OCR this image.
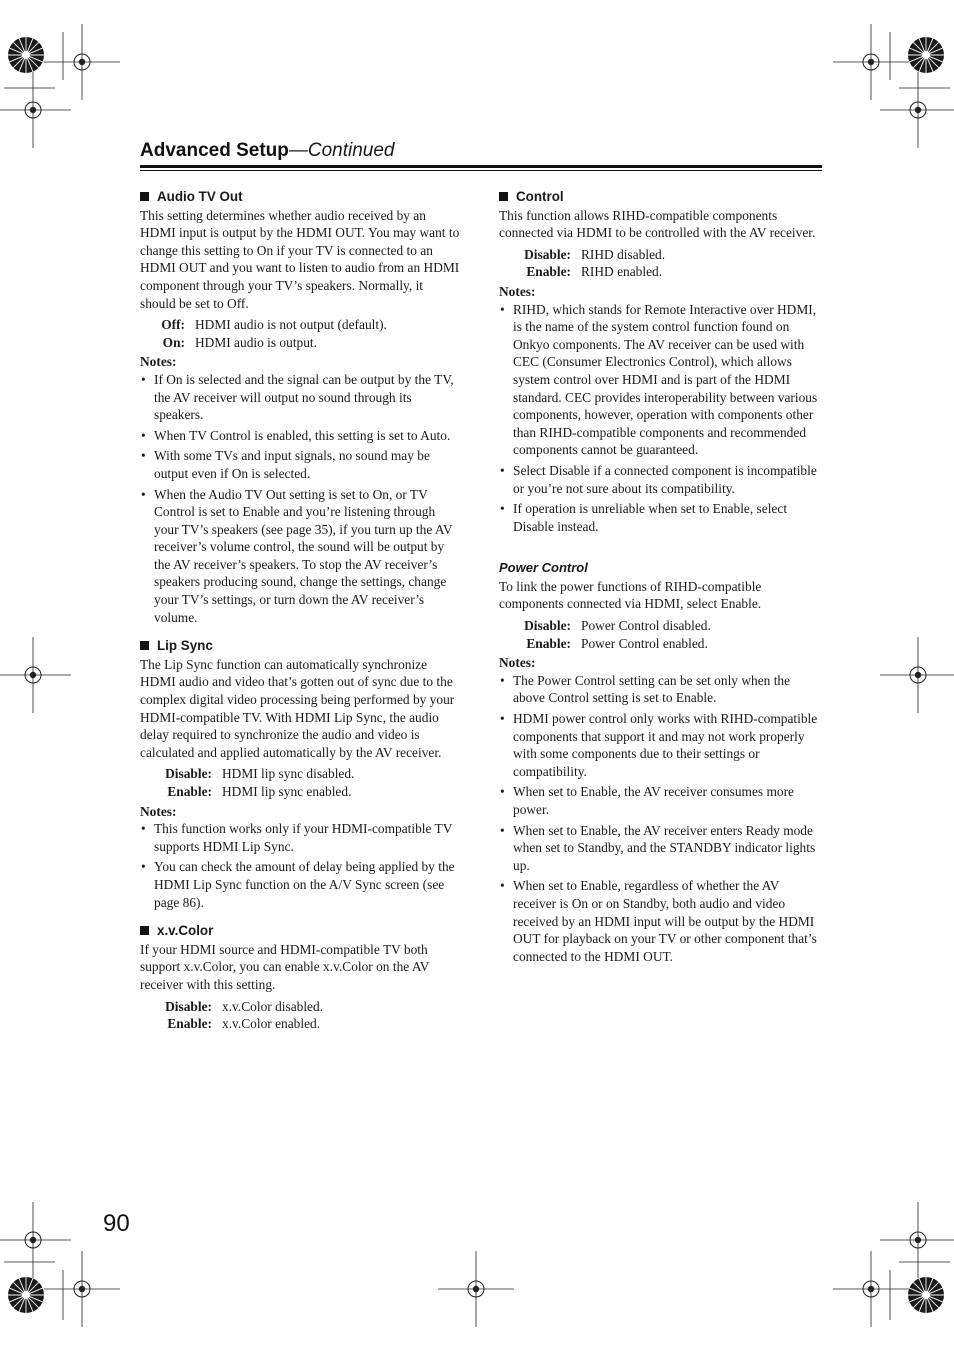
Advanced Setup—Continued
Audio TV Out

This setting determines whether audio received by an HDMI input is output by the HDMI OUT. You may want to change this setting to On if your TV is connected to an HDMI OUT and you want to listen to audio from an HDMI component through your TV’s speakers. Normally, it should be set to Off.

Off: HDMI audio is not output (default).
On: HDMI audio is output.
Notes:
• If On is selected and the signal can be output by the TV, the AV receiver will output no sound through its speakers.
• When TV Control is enabled, this setting is set to Auto.
• With some TVs and input signals, no sound may be output even if On is selected.
• When the Audio TV Out setting is set to On, or TV Control is set to Enable and you’re listening through your TV’s speakers (see page 35), if you turn up the AV receiver’s volume control, the sound will be output by the AV receiver’s speakers. To stop the AV receiver’s speakers producing sound, change the settings, change your TV’s settings, or turn down the AV receiver’s volume.
Lip Sync

The Lip Sync function can automatically synchronize HDMI audio and video that’s gotten out of sync due to the complex digital video processing being performed by your HDMI-compatible TV. With HDMI Lip Sync, the audio delay required to synchronize the audio and video is calculated and applied automatically by the AV receiver.

Disable: HDMI lip sync disabled.
Enable: HDMI lip sync enabled.
Notes:
• This function works only if your HDMI-compatible TV supports HDMI Lip Sync.
• You can check the amount of delay being applied by the HDMI Lip Sync function on the A/V Sync screen (see page 86).
x.v.Color

If your HDMI source and HDMI-compatible TV both support x.v.Color, you can enable x.v.Color on the AV receiver with this setting.

Disable: x.v.Color disabled.
Enable: x.v.Color enabled.
Control

This function allows RIHD-compatible components connected via HDMI to be controlled with the AV receiver.

Disable: RIHD disabled.
Enable: RIHD enabled.
Notes:
• RIHD, which stands for Remote Interactive over HDMI, is the name of the system control function found on Onkyo components. The AV receiver can be used with CEC (Consumer Electronics Control), which allows system control over HDMI and is part of the HDMI standard. CEC provides interoperability between various components, however, operation with components other than RIHD-compatible components and recommended components cannot be guaranteed.
• Select Disable if a connected component is incompatible or you’re not sure about its compatibility.
• If operation is unreliable when set to Enable, select Disable instead.
Power Control

To link the power functions of RIHD-compatible components connected via HDMI, select Enable.

Disable: Power Control disabled.
Enable: Power Control enabled.
Notes:
• The Power Control setting can be set only when the above Control setting is set to Enable.
• HDMI power control only works with RIHD-compatible components that support it and may not work properly with some components due to their settings or compatibility.
• When set to Enable, the AV receiver consumes more power.
• When set to Enable, the AV receiver enters Ready mode when set to Standby, and the STANDBY indicator lights up.
• When set to Enable, regardless of whether the AV receiver is On or on Standby, both audio and video received by an HDMI input will be output by the HDMI OUT for playback on your TV or other component that’s connected to the HDMI OUT.
90
